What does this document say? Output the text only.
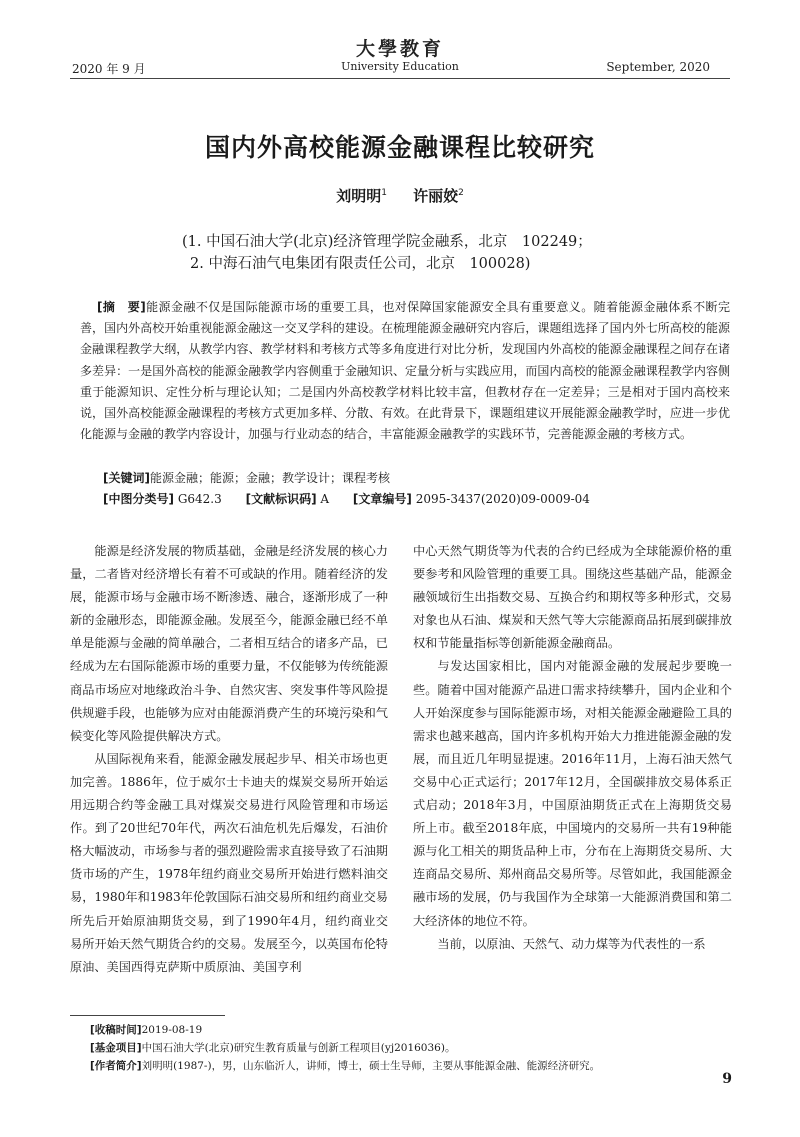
大學教育
University Education
2020 年 9 月	September, 2020
国内外高校能源金融课程比较研究
刘明明$^1$ 许丽姣$^2$
(1. 中国石油大学(北京)经济管理学院金融系，北京　102249；
2. 中海石油气电集团有限责任公司，北京　100028)

[摘　要]能源金融不仅是国际能源市场的重要工具，也对保障国家能源安全具有重要意义。随着能源金融体系不断完善，国内外高校开始重视能源金融这一交叉学科的建设。在梳理能源金融研究内容后，课题组选择了国内外七所高校的能源金融课程教学大纲，从教学内容、教学材料和考核方式等多角度进行对比分析，发现国内外高校的能源金融课程之间存在诸多差异：一是国外高校的能源金融教学内容侧重于金融知识、定量分析与实践应用，而国内高校的能源金融课程教学内容侧重于能源知识、定性分析与理论认知；二是国内外高校教学材料比较丰富，但教材存在一定差异；三是相对于国内高校来说，国外高校能源金融课程的考核方式更加多样、分散、有效。在此背景下，课题组建议开展能源金融教学时，应进一步优化能源与金融的教学内容设计，加强与行业动态的结合，丰富能源金融教学的实践环节，完善能源金融的考核方式。

[关键词]能源金融；能源；金融；教学设计；课程考核
[中图分类号] G642.3 [文献标识码] A [文章编号] 2095-3437(2020)09-0009-04

能源是经济发展的物质基础，金融是经济发展的核心力量，二者皆对经济增长有着不可或缺的作用。随着经济的发展，能源市场与金融市场不断渗透、融合，逐渐形成了一种新的金融形态，即能源金融。发展至今，能源金融已经不单单是能源与金融的简单融合，二者相互结合的诸多产品，已经成为左右国际能源市场的重要力量，不仅能够为传统能源商品市场应对地缘政治斗争、自然灾害、突发事件等风险提供规避手段，也能够为应对由能源消费产生的环境污染和气候变化等风险提供解决方式。

从国际视角来看，能源金融发展起步早、相关市场也更加完善。1886年，位于威尔士卡迪夫的煤炭交易所开始运用远期合约等金融工具对煤炭交易进行风险管理和市场运作。到了20世纪70年代，两次石油危机先后爆发，石油价格大幅波动，市场参与者的强烈避险需求直接导致了石油期货市场的产生，1978年纽约商业交易所开始进行燃料油交易，1980年和1983年伦敦国际石油交易所和纽约商业交易所先后开始原油期货交易，到了1990年4月，纽约商业交易所开始天然气期货合约的交易。发展至今，以英国布伦特原油、美国西得克萨斯中质原油、美国亨利

中心天然气期货等为代表的合约已经成为全球能源价格的重要参考和风险管理的重要工具。围绕这些基础产品，能源金融领域衍生出指数交易、互换合约和期权等多种形式，交易对象也从石油、煤炭和天然气等大宗能源商品拓展到碳排放权和节能量指标等创新能源金融商品。

与发达国家相比，国内对能源金融的发展起步要晚一些。随着中国对能源产品进口需求持续攀升，国内企业和个人开始深度参与国际能源市场，对相关能源金融避险工具的需求也越来越高，国内许多机构开始大力推进能源金融的发展，而且近几年明显提速。2016年11月，上海石油天然气交易中心正式运行；2017年12月，全国碳排放交易体系正式启动；2018年3月，中国原油期货正式在上海期货交易所上市。截至2018年底，中国境内的交易所一共有19种能源与化工相关的期货品种上市，分布在上海期货交易所、大连商品交易所、郑州商品交易所等。尽管如此，我国能源金融市场的发展，仍与我国作为全球第一大能源消费国和第二大经济体的地位不符。

当前，以原油、天然气、动力煤等为代表性的一系

[收稿时间]2019-08-19
[基金项目]中国石油大学(北京)研究生教育质量与创新工程项目(yj2016036)。
[作者简介]刘明明(1987-)，男，山东临沂人，讲师，博士，硕士生导师，主要从事能源金融、能源经济研究。
9
